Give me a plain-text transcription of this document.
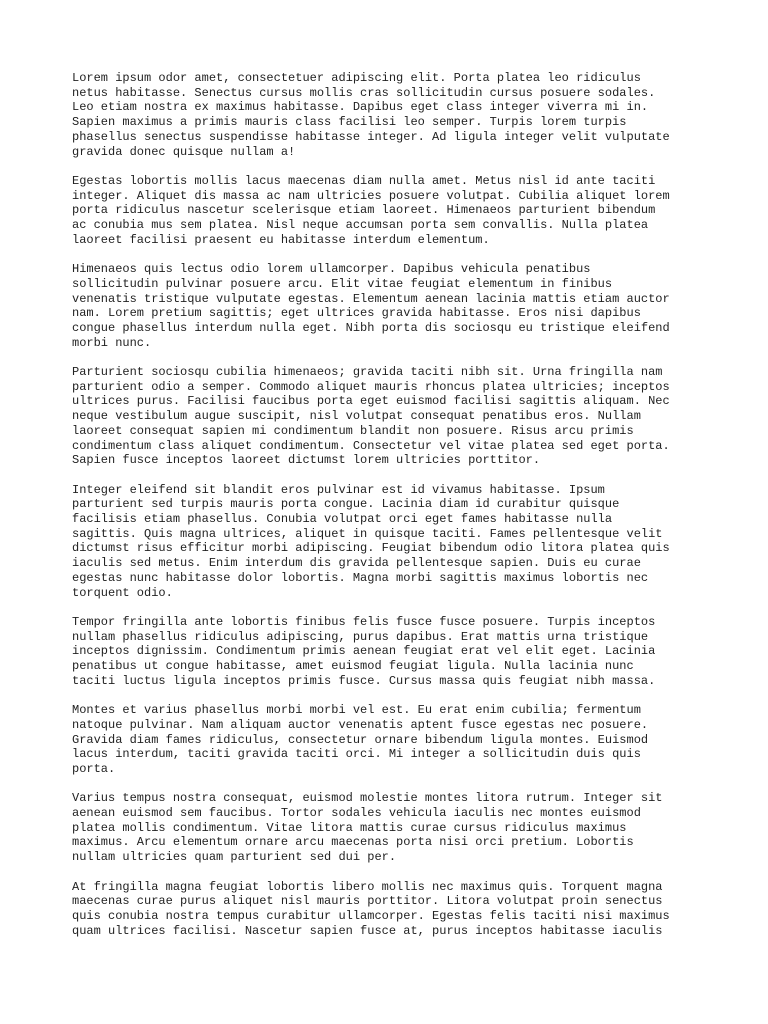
Lorem ipsum odor amet, consectetuer adipiscing elit. Porta platea leo ridiculus
netus habitasse. Senectus cursus mollis cras sollicitudin cursus posuere sodales.
Leo etiam nostra ex maximus habitasse. Dapibus eget class integer viverra mi in.
Sapien maximus a primis mauris class facilisi leo semper. Turpis lorem turpis
phasellus senectus suspendisse habitasse integer. Ad ligula integer velit vulputate
gravida donec quisque nullam a!

Egestas lobortis mollis lacus maecenas diam nulla amet. Metus nisl id ante taciti
integer. Aliquet dis massa ac nam ultricies posuere volutpat. Cubilia aliquet lorem
porta ridiculus nascetur scelerisque etiam laoreet. Himenaeos parturient bibendum
ac conubia mus sem platea. Nisl neque accumsan porta sem convallis. Nulla platea
laoreet facilisi praesent eu habitasse interdum elementum.

Himenaeos quis lectus odio lorem ullamcorper. Dapibus vehicula penatibus
sollicitudin pulvinar posuere arcu. Elit vitae feugiat elementum in finibus
venenatis tristique vulputate egestas. Elementum aenean lacinia mattis etiam auctor
nam. Lorem pretium sagittis; eget ultrices gravida habitasse. Eros nisi dapibus
congue phasellus interdum nulla eget. Nibh porta dis sociosqu eu tristique eleifend
morbi nunc.

Parturient sociosqu cubilia himenaeos; gravida taciti nibh sit. Urna fringilla nam
parturient odio a semper. Commodo aliquet mauris rhoncus platea ultricies; inceptos
ultrices purus. Facilisi faucibus porta eget euismod facilisi sagittis aliquam. Nec
neque vestibulum augue suscipit, nisl volutpat consequat penatibus eros. Nullam
laoreet consequat sapien mi condimentum blandit non posuere. Risus arcu primis
condimentum class aliquet condimentum. Consectetur vel vitae platea sed eget porta.
Sapien fusce inceptos laoreet dictumst lorem ultricies porttitor.

Integer eleifend sit blandit eros pulvinar est id vivamus habitasse. Ipsum
parturient sed turpis mauris porta congue. Lacinia diam id curabitur quisque
facilisis etiam phasellus. Conubia volutpat orci eget fames habitasse nulla
sagittis. Quis magna ultrices, aliquet in quisque taciti. Fames pellentesque velit
dictumst risus efficitur morbi adipiscing. Feugiat bibendum odio litora platea quis
iaculis sed metus. Enim interdum dis gravida pellentesque sapien. Duis eu curae
egestas nunc habitasse dolor lobortis. Magna morbi sagittis maximus lobortis nec
torquent odio.

Tempor fringilla ante lobortis finibus felis fusce fusce posuere. Turpis inceptos
nullam phasellus ridiculus adipiscing, purus dapibus. Erat mattis urna tristique
inceptos dignissim. Condimentum primis aenean feugiat erat vel elit eget. Lacinia
penatibus ut congue habitasse, amet euismod feugiat ligula. Nulla lacinia nunc
taciti luctus ligula inceptos primis fusce. Cursus massa quis feugiat nibh massa.

Montes et varius phasellus morbi morbi vel est. Eu erat enim cubilia; fermentum
natoque pulvinar. Nam aliquam auctor venenatis aptent fusce egestas nec posuere.
Gravida diam fames ridiculus, consectetur ornare bibendum ligula montes. Euismod
lacus interdum, taciti gravida taciti orci. Mi integer a sollicitudin duis quis
porta.

Varius tempus nostra consequat, euismod molestie montes litora rutrum. Integer sit
aenean euismod sem faucibus. Tortor sodales vehicula iaculis nec montes euismod
platea mollis condimentum. Vitae litora mattis curae cursus ridiculus maximus
maximus. Arcu elementum ornare arcu maecenas porta nisi orci pretium. Lobortis
nullam ultricies quam parturient sed dui per.

At fringilla magna feugiat lobortis libero mollis nec maximus quis. Torquent magna
maecenas curae purus aliquet nisl mauris porttitor. Litora volutpat proin senectus
quis conubia nostra tempus curabitur ullamcorper. Egestas felis taciti nisi maximus
quam ultrices facilisi. Nascetur sapien fusce at, purus inceptos habitasse iaculis
